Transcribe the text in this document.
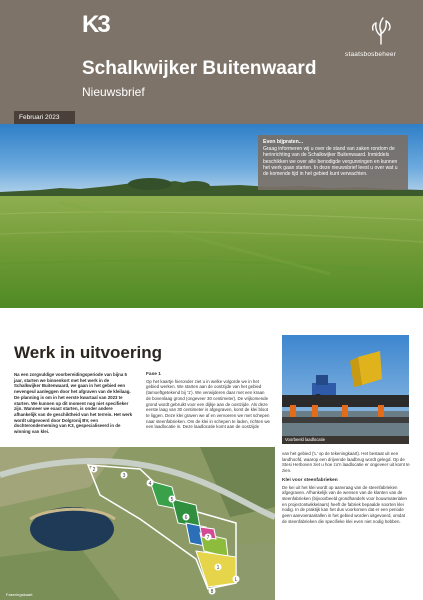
K3
Schalkwijker Buitenwaard
Nieuwsbrief
staatsbosbeheer
Februari 2023
Even bijpraten...
Graag informeren wij u over de stand van zaken rondom de herinrichting van de Schalkwijker Buitenwaard. Inmiddels beschikken we over alle benodigde vergunningen en kunnen het werk gaan starten. In deze nieuwsbrief leest u over wat u de komende tijd in het gebied kunt verwachten.
Werk in uitvoering
Na een zorgvuldige voorbereidingsperiode van bijna 5 jaar, starten we binnenkort met het werk in de Schalkwijker Buitenwaard, we gaan in het gebied een nevengeul aanleggen door het afgraven van de kleilaag. De planning is om in het eerste kwartaal van 2023 te starten. We kunnen op dit moment nog niet specifieker zijn. Wanneer we exact starten, is onder andere afhankelijk van de geschiktheid van het terrein. Het werk wordt uitgevoerd door Dolgronij BV, een dochteronderneming van K3, gespecialiseerd in de winning van klei.
Fase 1
Op het kaartje hieronder ziet u in welke volgorde we in het gebied werken. We starten aan de oostzijde van het gebied (tamoeftgetekend bij '1'). We verwijderen daar met een kraan de bovenlaag grond (ongeveer 30 centimeter). De vrijkomende grond wordt gebruikt voor een dijkje aan de oostzijde. Als deze eerste laag van 30 centimeter is afgegraven, komt de klei bloot te liggen. Deze klei graven we af en vervoeren we met schepen naar steenfabrieken. Om de klei in schepen te laden, richten we een laadlocatie in. Deze laadlocatie komt aan de oostzijde
Voorbeeld laadlocatie
2
3
4
5
6
7
1
8
L
Faseringskaart
van het gebied ('L' op de tekeningkaart). Het bestaat uit een landhoofd, waarop een drijvende laadbrug wordt gelegd. Op de Stesi Herboven ziet u hoe zo'n laadlocatie er ongeveer uit komt te zien.
Klei voor steenfabrieken
De kei uit het klei wordt op aanvraag van de steenfabrieken afgegraven. Afhankelijk van de wensen van de klanten van de steenfabrieken (bijvoorbeeld grondhandels voor bouwmaterialen en projectontwikkelaars) heeft de fabriek bepaalde soorten klei nodig. In de praktijk kan het dus voorkomen dat er een periode geen aanvoeraantallen in het gebied worden uitgevoerd, omdat de steenfabrieken die specifieke klei even niet nodig hebben.
